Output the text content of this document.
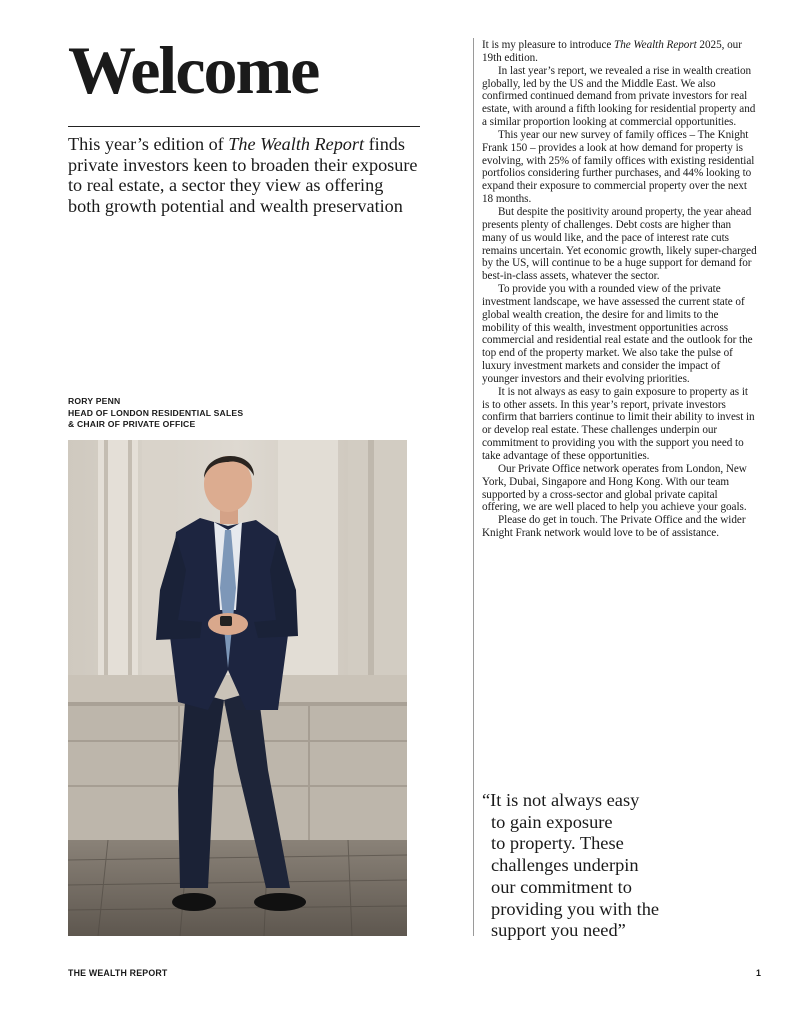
Welcome

This year’s edition of The Wealth Report finds private investors keen to broaden their exposure to real estate, a sector they view as offering both growth potential and wealth preservation

RORY PENN
HEAD OF LONDON RESIDENTIAL SALES
& CHAIR OF PRIVATE OFFICE

It is my pleasure to introduce The Wealth Report 2025, our 19th edition.

In last year’s report, we revealed a rise in wealth creation globally, led by the US and the Middle East. We also confirmed continued demand from private investors for real estate, with around a fifth looking for residential property and a similar proportion looking at commercial opportunities.

This year our new survey of family offices – The Knight Frank 150 – provides a look at how demand for property is evolving, with 25% of family offices with existing residential portfolios considering further purchases, and 44% looking to expand their exposure to commercial property over the next 18 months.

But despite the positivity around property, the year ahead presents plenty of challenges. Debt costs are higher than many of us would like, and the pace of interest rate cuts remains uncertain. Yet economic growth, likely super-charged by the US, will continue to be a huge support for demand for best-in-class assets, whatever the sector.

To provide you with a rounded view of the private investment landscape, we have assessed the current state of global wealth creation, the desire for and limits to the mobility of this wealth, investment opportunities across commercial and residential real estate and the outlook for the top end of the property market. We also take the pulse of luxury investment markets and consider the impact of younger investors and their evolving priorities.

It is not always as easy to gain exposure to property as it is to other assets. In this year’s report, private investors confirm that barriers continue to limit their ability to invest in or develop real estate. These challenges underpin our commitment to providing you with the support you need to take advantage of these opportunities.

Our Private Office network operates from London, New York, Dubai, Singapore and Hong Kong. With our team supported by a cross-sector and global private capital offering, we are well placed to help you achieve your goals.

Please do get in touch. The Private Office and the wider Knight Frank network would love to be of assistance.

“It is not always easy
to gain exposure
to property. These
challenges underpin
our commitment to
providing you with the
support you need”
THE WEALTH REPORT	1
